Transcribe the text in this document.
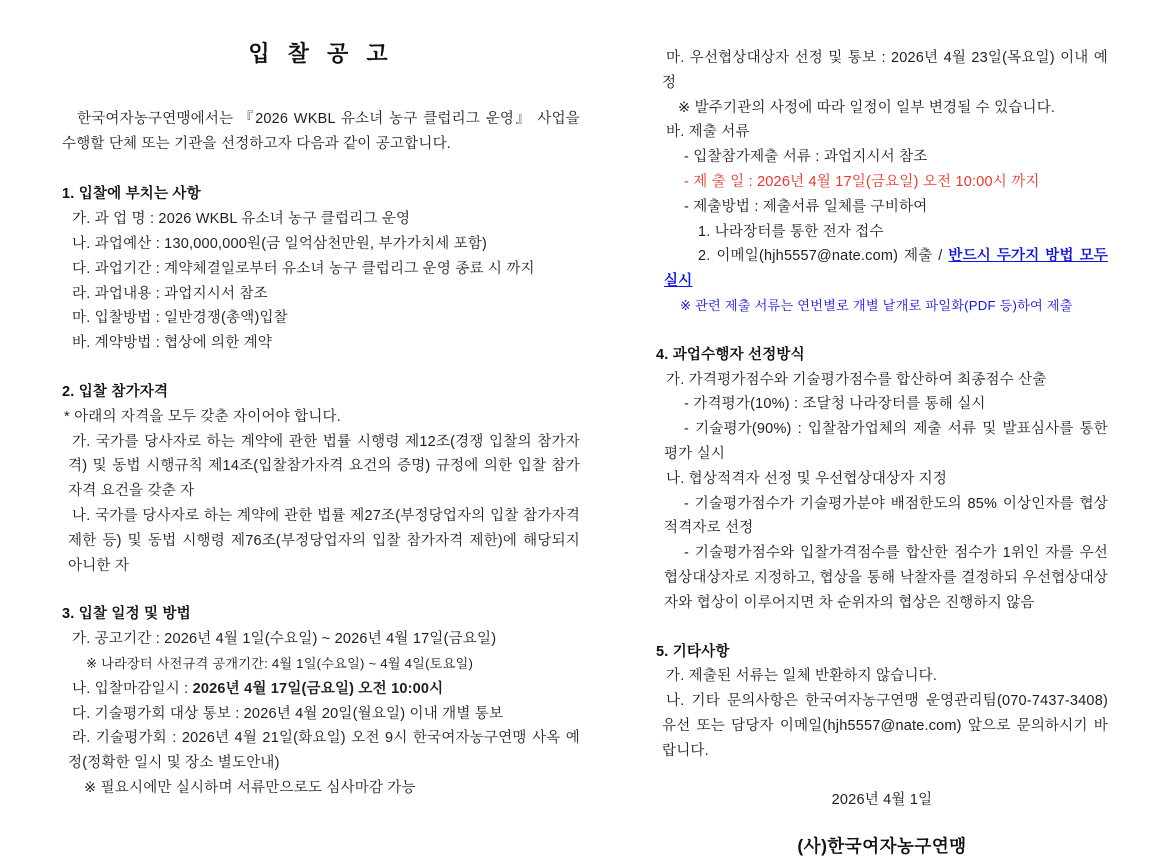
입 찰 공 고

한국여자농구연맹에서는 『2026 WKBL 유소녀 농구 클럽리그 운영』 사업을 수행할 단체 또는 기관을 선정하고자 다음과 같이 공고합니다.

1. 입찰에 부치는 사항

가. 과 업 명 : 2026 WKBL 유소녀 농구 클럽리그 운영

나. 과업예산 : 130,000,000원(금 일억삼천만원, 부가가치세 포함)

다. 과업기간 : 계약체결일로부터 유소녀 농구 클럽리그 운영 종료 시 까지

라. 과업내용 : 과업지시서 참조

마. 입찰방법 : 일반경쟁(총액)입찰

바. 계약방법 : 협상에 의한 계약

2. 입찰 참가자격

* 아래의 자격을 모두 갖춘 자이어야 합니다.

가. 국가를 당사자로 하는 계약에 관한 법률 시행령 제12조(경쟁 입찰의 참가자격) 및 동법 시행규칙 제14조(입찰참가자격 요건의 증명) 규정에 의한 입찰 참가자격 요건을 갖춘 자

나. 국가를 당사자로 하는 계약에 관한 법률 제27조(부정당업자의 입찰 참가자격 제한 등) 및 동법 시행령 제76조(부정당업자의 입찰 참가자격 제한)에 해당되지 아니한 자

3. 입찰 일정 및 방법

가. 공고기간 : 2026년 4월 1일(수요일) ~ 2026년 4월 17일(금요일)

※ 나라장터 사전규격 공개기간: 4월 1일(수요일) ~ 4월 4일(토요일)

나. 입찰마감일시 : 2026년 4월 17일(금요일) 오전 10:00시

다. 기술평가회 대상 통보 : 2026년 4월 20일(월요일) 이내 개별 통보

라. 기술평가회 : 2026년 4월 21일(화요일) 오전 9시 한국여자농구연맹 사옥 예정(정확한 일시 및 장소 별도안내)

※ 필요시에만 실시하며 서류만으로도 심사마감 가능

마. 우선협상대상자 선정 및 통보 : 2026년 4월 23일(목요일) 이내 예정

※ 발주기관의 사정에 따라 일정이 일부 변경될 수 있습니다.

바. 제출 서류

- 입찰참가제출 서류 : 과업지시서 참조

- 제 출 일 : 2026년 4월 17일(금요일) 오전 10:00시 까지

- 제출방법 : 제출서류 일체를 구비하여

1. 나라장터를 통한 전자 접수

2. 이메일(hjh5557@nate.com) 제출 / 반드시 두가지 방법 모두 실시

※ 관련 제출 서류는 연번별로 개별 낱개로 파일화(PDF 등)하여 제출

4. 과업수행자 선정방식

가. 가격평가점수와 기술평가점수를 합산하여 최종점수 산출

- 가격평가(10%) : 조달청 나라장터를 통해 실시

- 기술평가(90%) : 입찰참가업체의 제출 서류 및 발표심사를 통한 평가 실시

나. 협상적격자 선정 및 우선협상대상자 지정

- 기술평가점수가 기술평가분야 배점한도의 85% 이상인자를 협상적격자로 선정

- 기술평가점수와 입찰가격점수를 합산한 점수가 1위인 자를 우선협상대상자로 지정하고, 협상을 통해 낙찰자를 결정하되 우선협상대상자와 협상이 이루어지면 차 순위자의 협상은 진행하지 않음

5. 기타사항

가. 제출된 서류는 일체 반환하지 않습니다.

나. 기타 문의사항은 한국여자농구연맹 운영관리팀(070-7437-3408) 유선 또는 담당자 이메일(hjh5557@nate.com) 앞으로 문의하시기 바랍니다.

2026년 4월 1일

(사)한국여자농구연맹
